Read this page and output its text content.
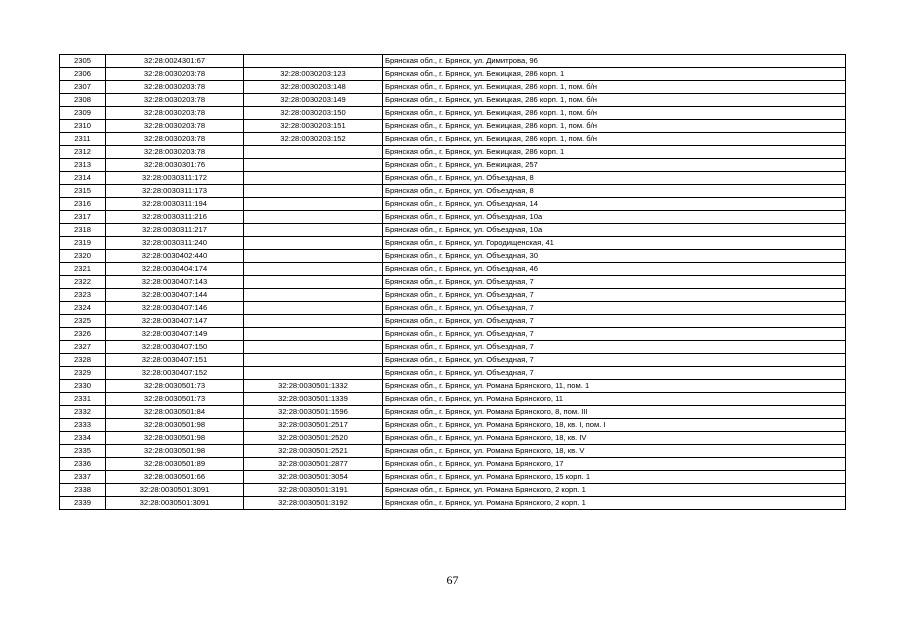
2305	32:28:0024301:67		Брянская обл., г. Брянск, ул. Димитрова, 96
2306	32:28:0030203:78	32:28:0030203:123	Брянская обл., г. Брянск, ул. Бежицкая, 286 корп. 1
2307	32:28:0030203:78	32:28:0030203:148	Брянская обл., г. Брянск, ул. Бежицкая, 286 корп. 1, пом. б/н
2308	32:28:0030203:78	32:28:0030203:149	Брянская обл., г. Брянск, ул. Бежицкая, 286 корп. 1, пом. б/н
2309	32:28:0030203:78	32:28:0030203:150	Брянская обл., г. Брянск, ул. Бежицкая, 286 корп. 1, пом. б/н
2310	32:28:0030203:78	32:28:0030203:151	Брянская обл., г. Брянск, ул. Бежицкая, 286 корп. 1, пом. б/н
2311	32:28:0030203:78	32:28:0030203:152	Брянская обл., г. Брянск, ул. Бежицкая, 286 корп. 1, пом. б/н
2312	32:28:0030203:78		Брянская обл., г. Брянск, ул. Бежицкая, 286 корп. 1
2313	32:28:0030301:76		Брянская обл., г. Брянск, ул. Бежицкая, 257
2314	32:28:0030311:172		Брянская обл., г. Брянск, ул. Объездная, 8
2315	32:28:0030311:173		Брянская обл., г. Брянск, ул. Объездная, 8
2316	32:28:0030311:194		Брянская обл., г. Брянск, ул. Объездная, 14
2317	32:28:0030311:216		Брянская обл., г. Брянск, ул. Объездная, 10а
2318	32:28:0030311:217		Брянская обл., г. Брянск, ул. Объездная, 10а
2319	32:28:0030311:240		Брянская обл., г. Брянск, ул. Городищенская, 41
2320	32:28:0030402:440		Брянская обл., г. Брянск, ул. Объездная, 30
2321	32:28:0030404:174		Брянская обл., г. Брянск, ул. Объездная, 46
2322	32:28:0030407:143		Брянская обл., г. Брянск, ул. Объездная, 7
2323	32:28:0030407:144		Брянская обл., г. Брянск, ул. Объездная, 7
2324	32:28:0030407:146		Брянская обл., г. Брянск, ул. Объездная, 7
2325	32:28:0030407:147		Брянская обл., г. Брянск, ул. Объездная, 7
2326	32:28:0030407:149		Брянская обл., г. Брянск, ул. Объездная, 7
2327	32:28:0030407:150		Брянская обл., г. Брянск, ул. Объездная, 7
2328	32:28:0030407:151		Брянская обл., г. Брянск, ул. Объездная, 7
2329	32:28:0030407:152		Брянская обл., г. Брянск, ул. Объездная, 7
2330	32:28:0030501:73	32:28:0030501:1332	Брянская обл., г. Брянск, ул. Романа Брянского, 11, пом. 1
2331	32:28:0030501:73	32:28:0030501:1339	Брянская обл., г. Брянск, ул. Романа Брянского, 11
2332	32:28:0030501:84	32:28:0030501:1596	Брянская обл., г. Брянск, ул. Романа Брянского, 8, пом. III
2333	32:28:0030501:98	32:28:0030501:2517	Брянская обл., г. Брянск, ул. Романа Брянского, 18, кв. I, пом. I
2334	32:28:0030501:98	32:28:0030501:2520	Брянская обл., г. Брянск, ул. Романа Брянского, 18, кв. IV
2335	32:28:0030501:98	32:28:0030501:2521	Брянская обл., г. Брянск, ул. Романа Брянского, 18, кв. V
2336	32:28:0030501:89	32:28:0030501:2877	Брянская обл., г. Брянск, ул. Романа Брянского, 17
2337	32:28:0030501:66	32:28:0030501:3054	Брянская обл., г. Брянск, ул. Романа Брянского, 15 корп. 1
2338	32:28:0030501:3091	32:28:0030501:3191	Брянская обл., г. Брянск, ул. Романа Брянского, 2 корп. 1
2339	32:28:0030501:3091	32:28:0030501:3192	Брянская обл., г. Брянск, ул. Романа Брянского, 2 корп. 1
67
